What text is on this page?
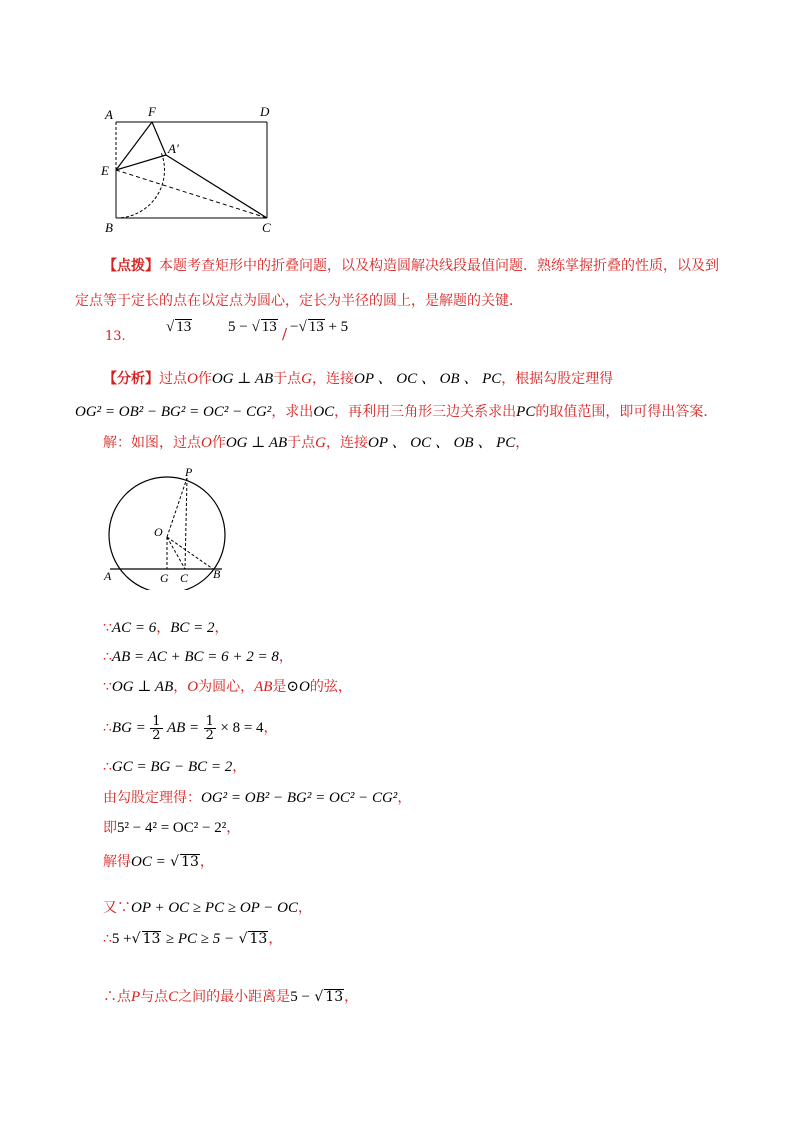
A	F	D
A′
E
B	C
【点拨】本题考查矩形中的折叠问题，以及构造圆解决线段最值问题．熟练掌握折叠的性质，以及到
定点等于定长的点在以定点为圆心，定长为半径的圆上，是解题的关键．
13.
√ 13 5 − √ 13 / −√ 13 + 5
【分析】过点O作OG ⊥ AB于点G，连接OP 、 OC 、 OB 、 PC，根据勾股定理得
OG² = OB² − BG² = OC² − CG²，求出OC，再利用三角形三边关系求出PC的取值范围，即可得出答案．
解：如图，过点O作OG ⊥ AB于点G，连接OP 、 OC 、 OB 、 PC，
P
O
A	G C B
∵AC = 6，BC = 2，
∴AB = AC + BC = 6 + 2 = 8，
∵OG ⊥ AB，O为圆心，AB是⊙O的弦，
∴BG = $\frac{1}{2}$ AB = $\frac{1}{2} \times 8 = 4$，
∴GC = BG − BC = 2，
由勾股定理得：OG² = OB² − BG² = OC² − CG²，
即5² − 4² = OC² − 2²，
解得OC = √ 13，
又∵OP + OC ≥ PC ≥ OP − OC，
∴5 +√ 13 ≥ PC ≥ 5 − √ 13，
∴点P与点C之间的最小距离是5 − √ 13，
